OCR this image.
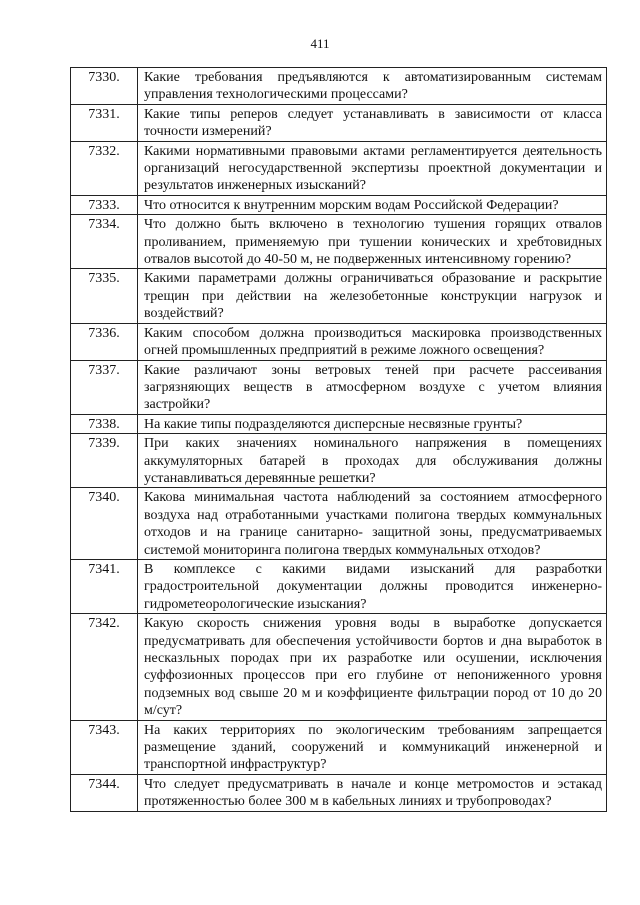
411
7330.	Какие требования предъявляются к автоматизированным системам управления технологическими процессами?
7331.	Какие типы реперов следует устанавливать в зависимости от класса точности измерений?
7332.	Какими нормативными правовыми актами регламентируется деятельность организаций негосударственной экспертизы проектной документации и результатов инженерных изысканий?
7333.	Что относится к внутренним морским водам Российской Федерации?
7334.	Что должно быть включено в технологию тушения горящих отвалов проливанием, применяемую при тушении конических и хребтовидных отвалов высотой до 40-50 м, не подверженных интенсивному горению?
7335.	Какими параметрами должны ограничиваться образование и раскрытие трещин при действии на железобетонные конструкции нагрузок и воздействий?
7336.	Каким способом должна производиться маскировка производственных огней промышленных предприятий в режиме ложного освещения?
7337.	Какие различают зоны ветровых теней при расчете рассеивания загрязняющих веществ в атмосферном воздухе с учетом влияния застройки?
7338.	На какие типы подразделяются дисперсные несвязные грунты?
7339.	При каких значениях номинального напряжения в помещениях аккумуляторных батарей в проходах для обслуживания должны устанавливаться деревянные решетки?
7340.	Какова минимальная частота наблюдений за состоянием атмосферного воздуха над отработанными участками полигона твердых коммунальных отходов и на границе санитарно- защитной зоны, предусматриваемых системой мониторинга полигона твердых коммунальных отходов?
7341.	В комплексе с какими видами изысканий для разработки градостроительной документации должны проводится инженерно-гидрометеорологические изыскания?
7342.	Какую скорость снижения уровня воды в выработке допускается предусматривать для обеспечения устойчивости бортов и дна выработок в несказльных породах при их разработке или осушении, исключения суффозионных процессов при его глубине от непониженного уровня подземных вод свыше 20 м и коэффициенте фильтрации пород от 10 до 20 м/сут?
7343.	На каких территориях по экологическим требованиям запрещается размещение зданий, сооружений и коммуникаций инженерной и транспортной инфраструктур?
7344.	Что следует предусматривать в начале и конце метромостов и эстакад протяженностью более 300 м в кабельных линиях и трубопроводах?
